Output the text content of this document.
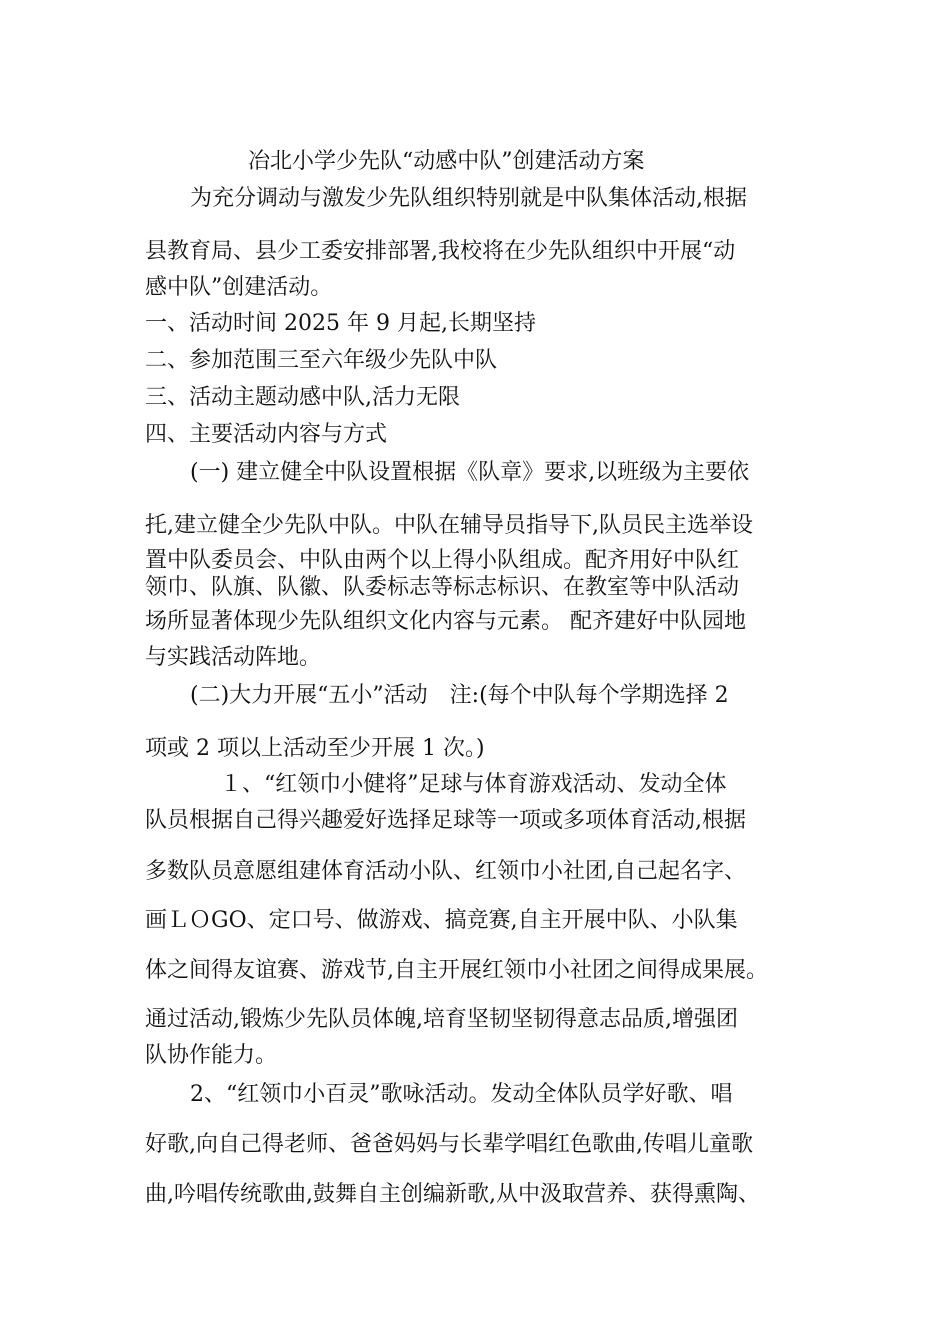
冶北小学少先队“动感中队”创建活动方案
为充分调动与激发少先队组织特别就是中队集体活动,根据
县教育局、县少工委安排部署,我校将在少先队组织中开展“动
感中队”创建活动。
一、活动时间 2025 年 9 月起,长期坚持
二、参加范围三至六年级少先队中队
三、活动主题动感中队,活力无限
四、主要活动内容与方式
(一) 建立健全中队设置根据《队章》要求,以班级为主要依
托,建立健全少先队中队。中队在辅导员指导下,队员民主选举设
置中队委员会、中队由两个以上得小队组成。配齐用好中队红
领巾、队旗、队徽、队委标志等标志标识、在教室等中队活动
场所显著体现少先队组织文化内容与元素。 配齐建好中队园地
与实践活动阵地。
(二)大力开展“五小”活动　注:(每个中队每个学期选择 2
项或 2 项以上活动至少开展 1 次。)
１、“红领巾小健将”足球与体育游戏活动、发动全体
队员根据自己得兴趣爱好选择足球等一项或多项体育活动,根据
多数队员意愿组建体育活动小队、红领巾小社团,自己起名字、
画ＬＯGO、定口号、做游戏、搞竞赛,自主开展中队、小队集
体之间得友谊赛、游戏节,自主开展红领巾小社团之间得成果展。
通过活动,锻炼少先队员体魄,培育坚韧坚韧得意志品质,增强团
队协作能力。
2、“红领巾小百灵”歌咏活动。发动全体队员学好歌、唱
好歌,向自己得老师、爸爸妈妈与长辈学唱红色歌曲,传唱儿童歌
曲,吟唱传统歌曲,鼓舞自主创编新歌,从中汲取营养、获得熏陶、
